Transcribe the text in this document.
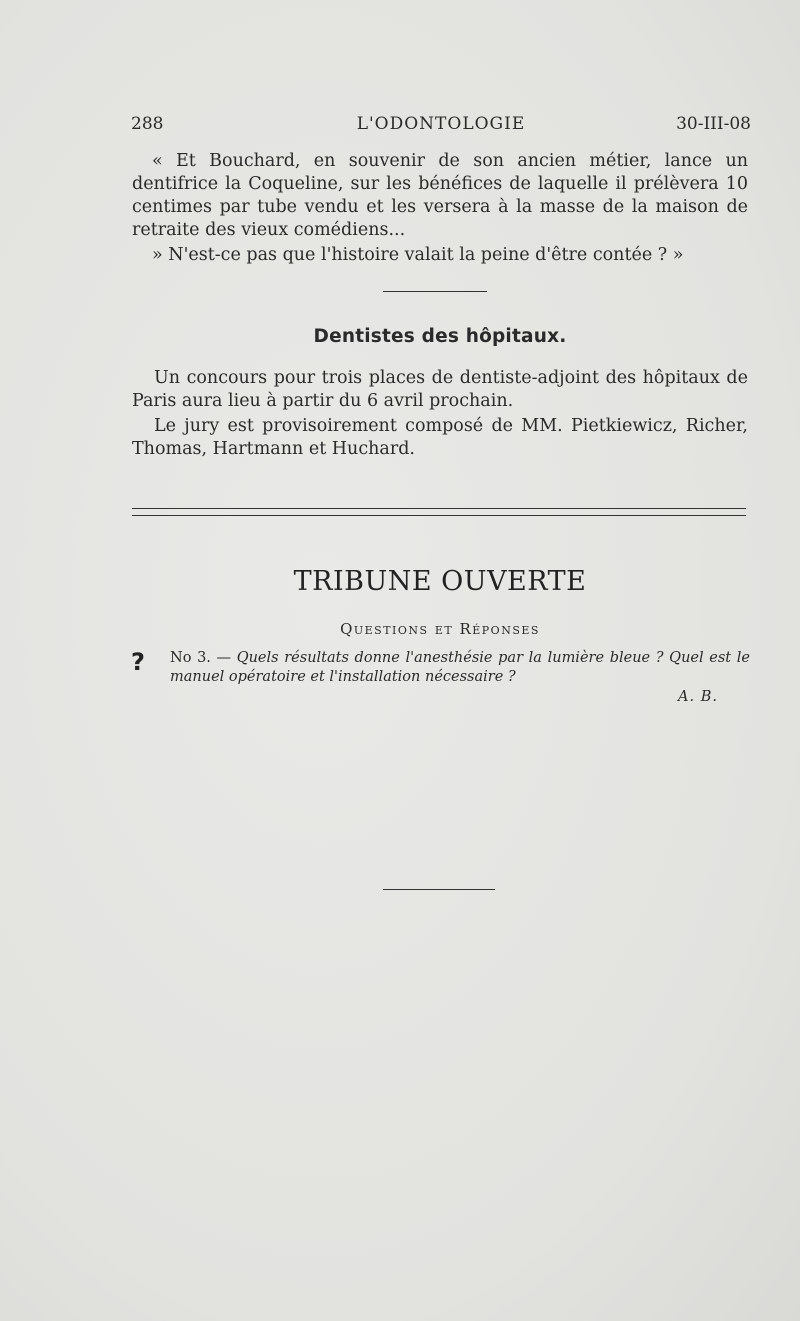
288	L'ODONTOLOGIE	30-III-08

« Et Bouchard, en souvenir de son ancien métier, lance un dentifrice la Coqueline, sur les bénéfices de laquelle il prélèvera 10 centimes par tube vendu et les versera à la masse de la maison de retraite des vieux comédiens...

» N'est-ce pas que l'histoire valait la peine d'être contée ? »

Dentistes des hôpitaux.

Un concours pour trois places de dentiste-adjoint des hôpitaux de Paris aura lieu à partir du 6 avril prochain.

Le jury est provisoirement composé de MM. Pietkiewicz, Richer, Thomas, Hartmann et Huchard.

TRIBUNE OUVERTE
Questions et Réponses
? No 3. — Quels résultats donne l'anesthésie par la lumière bleue ? Quel est le manuel opératoire et l'installation nécessaire ?

A. B.
